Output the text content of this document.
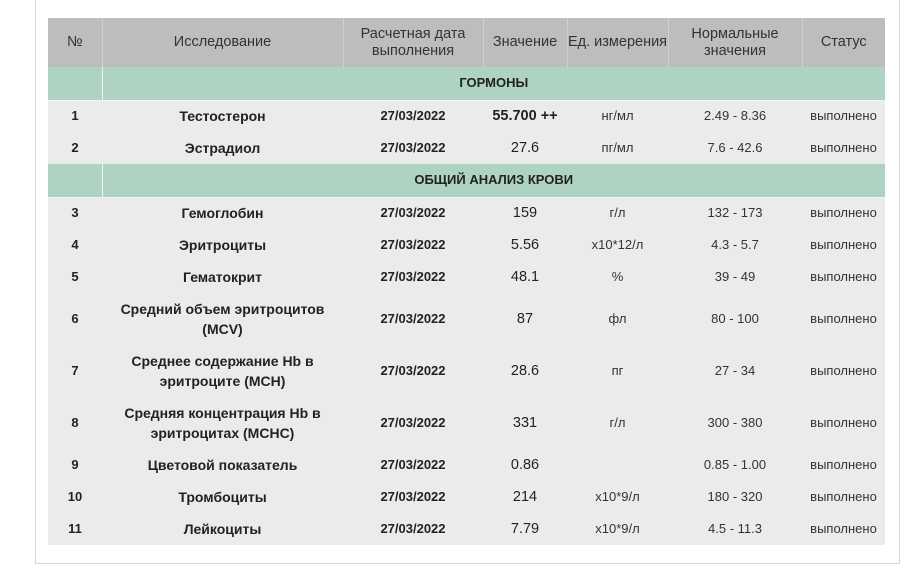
№	Исследование	Расчетная дата выполнения	Значение	Ед. измерения	Нормальные значения	Статус
	ГОРМОНЫ					
1	Тестостерон	27/03/2022	55.700 ++	нг/мл	2.49 - 8.36	выполнено
2	Эстрадиол	27/03/2022	27.6	пг/мл	7.6 - 42.6	выполнено
	ОБЩИЙ АНАЛИЗ КРОВИ					
3	Гемоглобин	27/03/2022	159	г/л	132 - 173	выполнено
4	Эритроциты	27/03/2022	5.56	x10*12/л	4.3 - 5.7	выполнено
5	Гематокрит	27/03/2022	48.1	%	39 - 49	выполнено
6	Средний объем эритроцитов (MCV)	27/03/2022	87	фл	80 - 100	выполнено
7	Среднее содержание Hb в эритроците (MCH)	27/03/2022	28.6	пг	27 - 34	выполнено
8	Средняя концентрация Hb в эритроцитах (MCHC)	27/03/2022	331	г/л	300 - 380	выполнено
9	Цветовой показатель	27/03/2022	0.86		0.85 - 1.00	выполнено
10	Тромбоциты	27/03/2022	214	x10*9/л	180 - 320	выполнено
11	Лейкоциты	27/03/2022	7.79	x10*9/л	4.5 - 11.3	выполнено
